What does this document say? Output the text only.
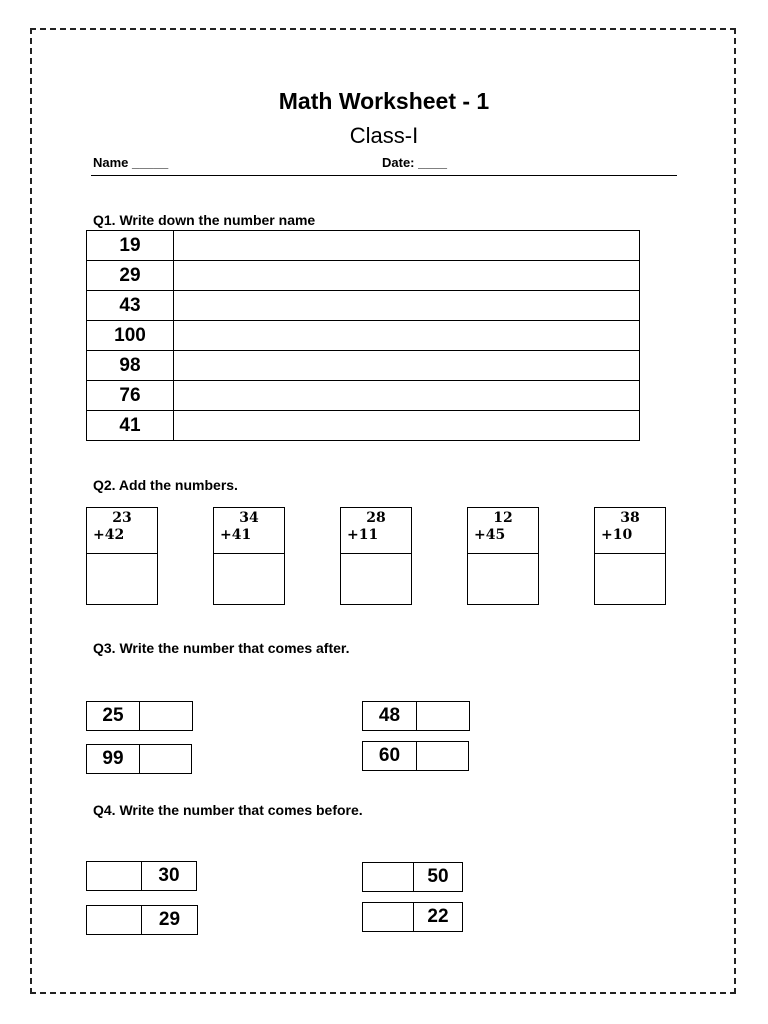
Math Worksheet - 1
Class-I
Name _____	Date: ____
Q1. Write down the number name
19	
29	
43	
100	
98	
76	
41	
Q2. Add the numbers.
23
+42
34
+41
28
+11
12
+45
38
+10
Q3. Write the number that comes after.
25
99
48
60
Q4. Write the number that comes before.
30
29
50
22
